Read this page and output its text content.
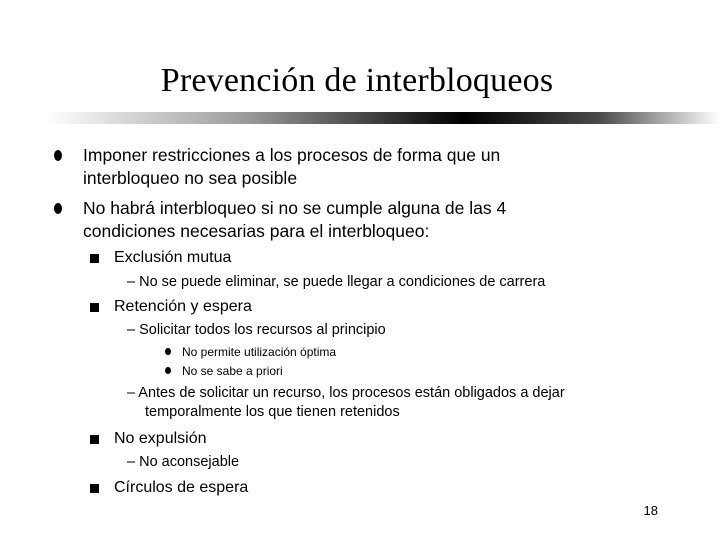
Prevención de interbloqueos
Imponer restricciones a los procesos de forma que un
interbloqueo no sea posible
No habrá interbloqueo si no se cumple alguna de las 4
condiciones necesarias para el interbloqueo:
Exclusión mutua
– No se puede eliminar, se puede llegar a condiciones de carrera
Retención y espera
– Solicitar todos los recursos al principio
No permite utilización óptima
No se sabe a priori
– Antes de solicitar un recurso, los procesos están obligados a dejar
temporalmente los que tienen retenidos
No expulsión
– No aconsejable
Círculos de espera
18
